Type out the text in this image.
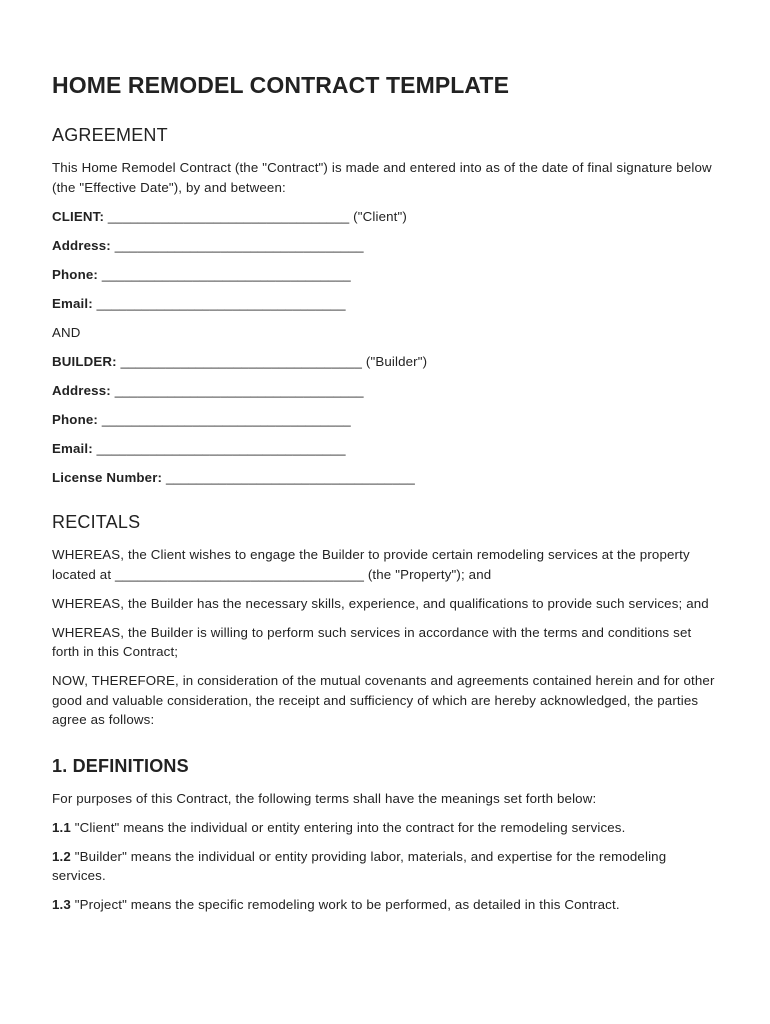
HOME REMODEL CONTRACT TEMPLATE
AGREEMENT

This Home Remodel Contract (the "Contract") is made and entered into as of the date of final signature below (the "Effective Date"), by and between:

CLIENT: ________________________________ ("Client")

Address: _________________________________

Phone: _________________________________

Email: _________________________________

AND

BUILDER: ________________________________ ("Builder")

Address: _________________________________

Phone: _________________________________

Email: _________________________________

License Number: _________________________________

RECITALS

WHEREAS, the Client wishes to engage the Builder to provide certain remodeling services at the property located at _________________________________ (the "Property"); and

WHEREAS, the Builder has the necessary skills, experience, and qualifications to provide such services; and

WHEREAS, the Builder is willing to perform such services in accordance with the terms and conditions set forth in this Contract;

NOW, THEREFORE, in consideration of the mutual covenants and agreements contained herein and for other good and valuable consideration, the receipt and sufficiency of which are hereby acknowledged, the parties agree as follows:

1. DEFINITIONS

For purposes of this Contract, the following terms shall have the meanings set forth below:

1.1 "Client" means the individual or entity entering into the contract for the remodeling services.

1.2 "Builder" means the individual or entity providing labor, materials, and expertise for the remodeling services.

1.3 "Project" means the specific remodeling work to be performed, as detailed in this Contract.
